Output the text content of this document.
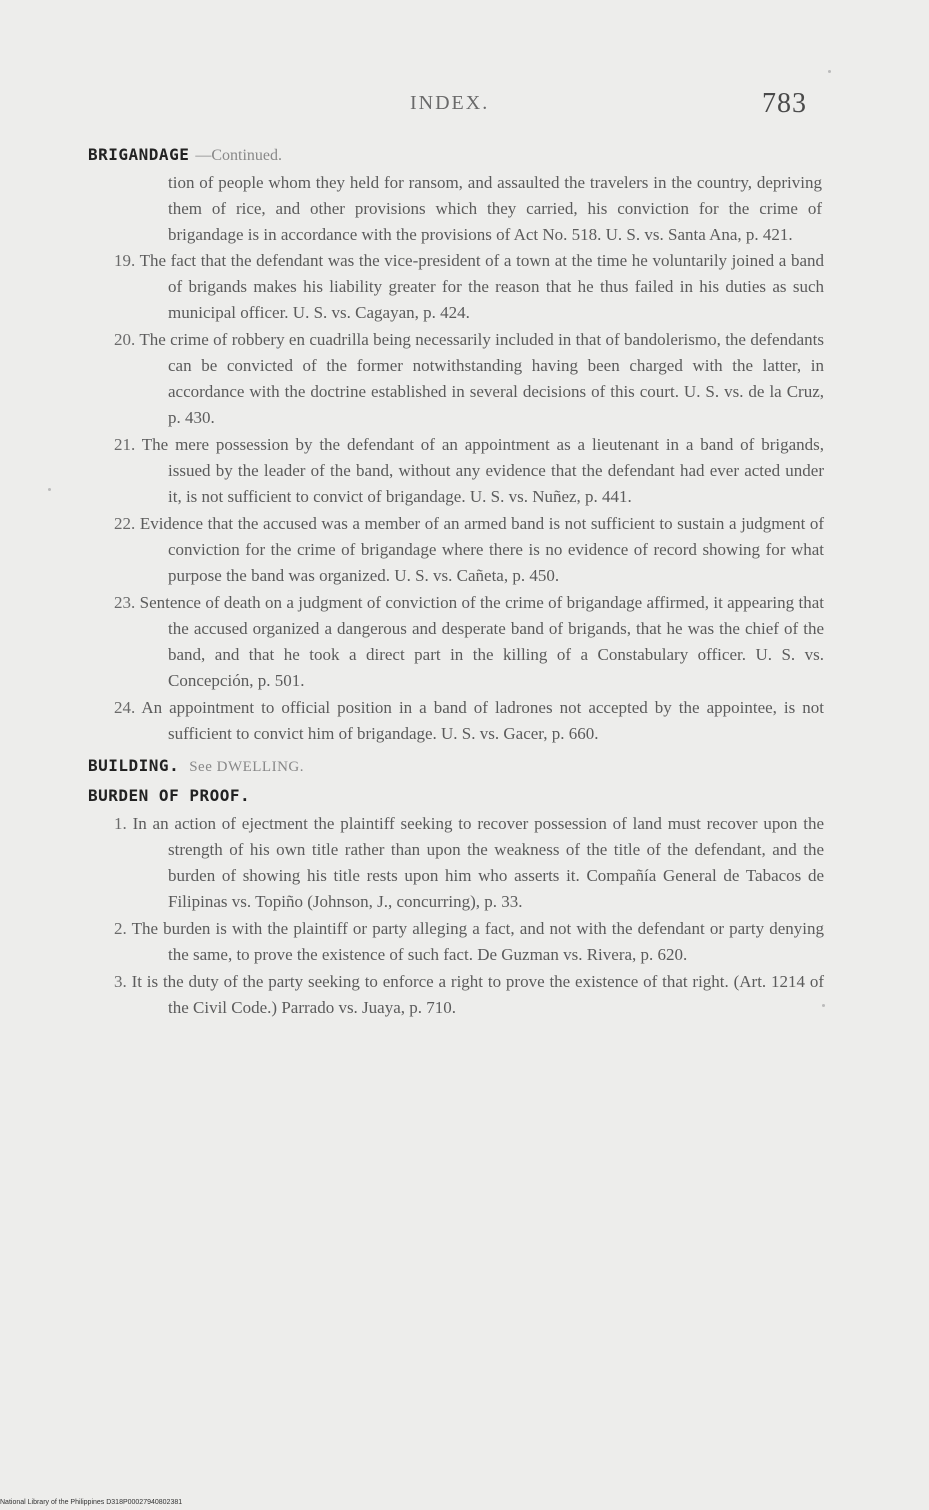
INDEX.	783
BRIGANDAGE —Continued.

tion of people whom they held for ransom, and assaulted the travelers in the country, depriving them of rice, and other provisions which they carried, his conviction for the crime of brigandage is in accordance with the provisions of Act No. 518. U. S. vs. Santa Ana, p. 421.

19. The fact that the defendant was the vice-president of a town at the time he voluntarily joined a band of brigands makes his liability greater for the reason that he thus failed in his duties as such municipal officer. U. S. vs. Cagayan, p. 424.
20. The crime of robbery en cuadrilla being necessarily included in that of bandolerismo, the defendants can be convicted of the former notwithstanding having been charged with the latter, in accordance with the doctrine established in several decisions of this court. U. S. vs. de la Cruz, p. 430.
21. The mere possession by the defendant of an appointment as a lieutenant in a band of brigands, issued by the leader of the band, without any evidence that the defendant had ever acted under it, is not sufficient to convict of brigandage. U. S. vs. Nuñez, p. 441.
22. Evidence that the accused was a member of an armed band is not sufficient to sustain a judgment of conviction for the crime of brigandage where there is no evidence of record showing for what purpose the band was organized. U. S. vs. Cañeta, p. 450.
23. Sentence of death on a judgment of conviction of the crime of brigandage affirmed, it appearing that the accused organized a dangerous and desperate band of brigands, that he was the chief of the band, and that he took a direct part in the killing of a Constabulary officer. U. S. vs. Concepción, p. 501.
24. An appointment to official position in a band of ladrones not accepted by the appointee, is not sufficient to convict him of brigandage. U. S. vs. Gacer, p. 660.
BUILDING. See DWELLING.
BURDEN OF PROOF.
1. In an action of ejectment the plaintiff seeking to recover possession of land must recover upon the strength of his own title rather than upon the weakness of the title of the defendant, and the burden of showing his title rests upon him who asserts it. Compañía General de Tabacos de Filipinas vs. Topiño (Johnson, J., concurring), p. 33.
2. The burden is with the plaintiff or party alleging a fact, and not with the defendant or party denying the same, to prove the existence of such fact. De Guzman vs. Rivera, p. 620.
3. It is the duty of the party seeking to enforce a right to prove the existence of that right. (Art. 1214 of the Civil Code.) Parrado vs. Juaya, p. 710.
National Library of the Philippines D318P00027940802381
